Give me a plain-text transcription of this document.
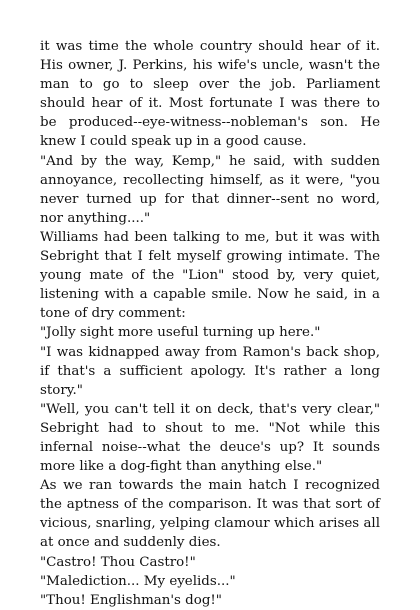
it was time the whole country should hear of it. His owner, J. Perkins, his wife's uncle, wasn't the man to go to sleep over the job. Parliament should hear of it. Most fortunate I was there to be produced--eye-witness--nobleman's son. He knew I could speak up in a good cause.

"And by the way, Kemp," he said, with sudden annoyance, recollecting himself, as it were, "you never turned up for that dinner--sent no word, nor anything...."

Williams had been talking to me, but it was with Sebright that I felt myself growing intimate. The young mate of the "Lion" stood by, very quiet, listening with a capable smile. Now he said, in a tone of dry comment:

"Jolly sight more useful turning up here."

"I was kidnapped away from Ramon's back shop, if that's a sufficient apology. It's rather a long story."

"Well, you can't tell it on deck, that's very clear," Sebright had to shout to me. "Not while this infernal noise--what the deuce's up? It sounds more like a dog-fight than anything else."

As we ran towards the main hatch I recognized the aptness of the comparison. It was that sort of vicious, snarling, yelping clamour which arises all at once and suddenly dies.

"Castro! Thou Castro!"

"Malediction... My eyelids..."

"Thou! Englishman's dog!"
